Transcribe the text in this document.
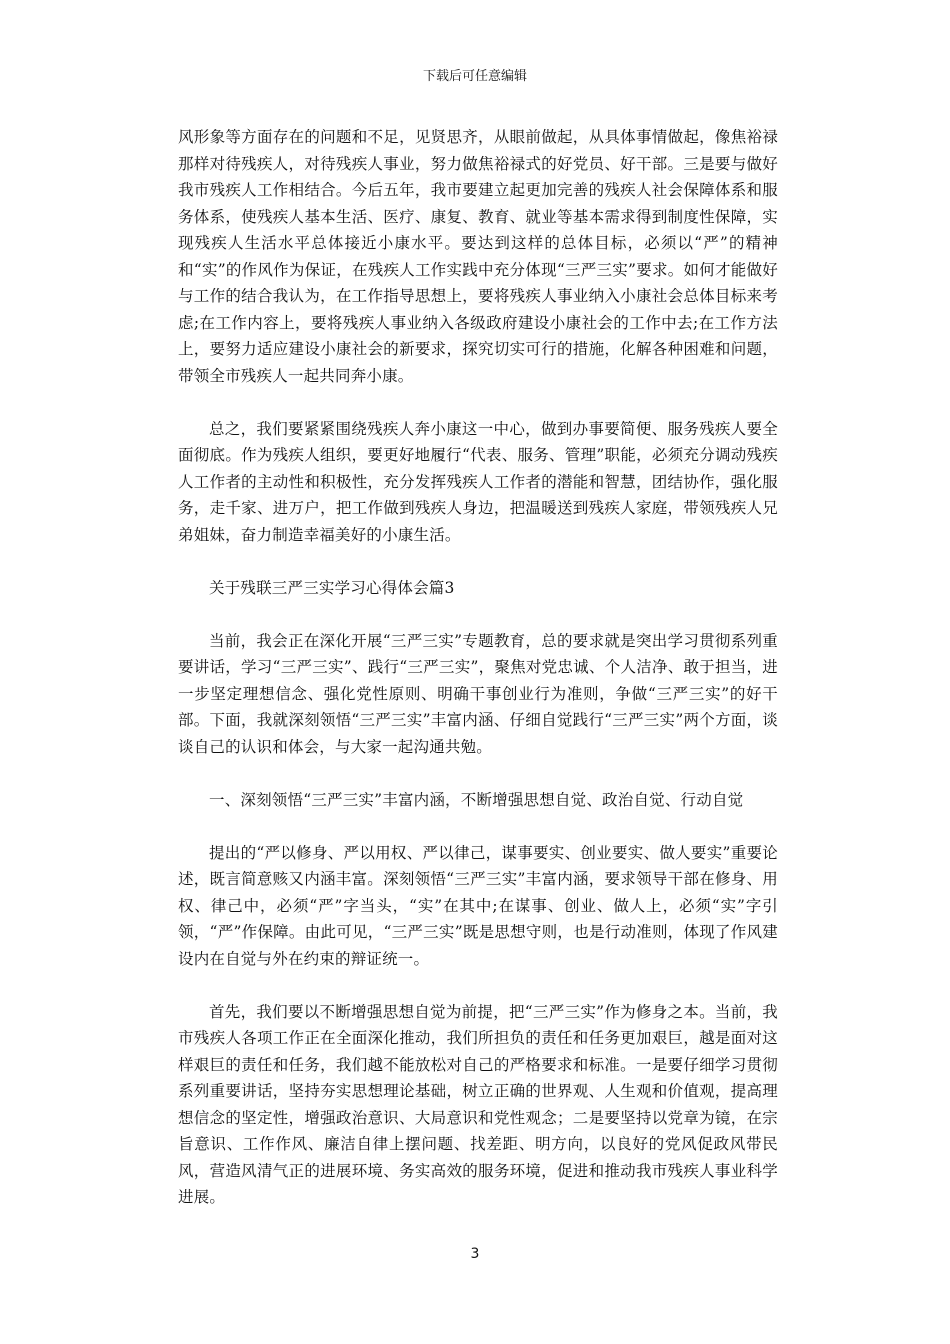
下载后可任意编辑

风形象等方面存在的问题和不足，见贤思齐，从眼前做起，从具体事情做起，像焦裕禄那样对待残疾人，对待残疾人事业，努力做焦裕禄式的好党员、好干部。三是要与做好我市残疾人工作相结合。今后五年，我市要建立起更加完善的残疾人社会保障体系和服务体系，使残疾人基本生活、医疗、康复、教育、就业等基本需求得到制度性保障，实现残疾人生活水平总体接近小康水平。要达到这样的总体目标，必须以“严”的精神和“实”的作风作为保证，在残疾人工作实践中充分体现“三严三实”要求。如何才能做好与工作的结合我认为，在工作指导思想上，要将残疾人事业纳入小康社会总体目标来考虑;在工作内容上，要将残疾人事业纳入各级政府建设小康社会的工作中去;在工作方法上，要努力适应建设小康社会的新要求，探究切实可行的措施，化解各种困难和问题，带领全市残疾人一起共同奔小康。

总之，我们要紧紧围绕残疾人奔小康这一中心，做到办事要简便、服务残疾人要全面彻底。作为残疾人组织，要更好地履行“代表、服务、管理”职能，必须充分调动残疾人工作者的主动性和积极性，充分发挥残疾人工作者的潜能和智慧，团结协作，强化服务，走千家、进万户，把工作做到残疾人身边，把温暖送到残疾人家庭，带领残疾人兄弟姐妹，奋力制造幸福美好的小康生活。

关于残联三严三实学习心得体会篇3

当前，我会正在深化开展“三严三实”专题教育，总的要求就是突出学习贯彻系列重要讲话，学习“三严三实”、践行“三严三实”，聚焦对党忠诚、个人洁净、敢于担当，进一步坚定理想信念、强化党性原则、明确干事创业行为准则，争做“三严三实”的好干部。下面，我就深刻领悟“三严三实”丰富内涵、仔细自觉践行“三严三实”两个方面，谈谈自己的认识和体会，与大家一起沟通共勉。

一、深刻领悟“三严三实”丰富内涵，不断增强思想自觉、政治自觉、行动自觉

提出的“严以修身、严以用权、严以律己，谋事要实、创业要实、做人要实”重要论述，既言简意赅又内涵丰富。深刻领悟“三严三实”丰富内涵，要求领导干部在修身、用权、律己中，必须“严”字当头，“实”在其中;在谋事、创业、做人上，必须“实”字引领，“严”作保障。由此可见，“三严三实”既是思想守则，也是行动准则，体现了作风建设内在自觉与外在约束的辩证统一。

首先，我们要以不断增强思想自觉为前提，把“三严三实”作为修身之本。当前，我市残疾人各项工作正在全面深化推动，我们所担负的责任和任务更加艰巨，越是面对这样艰巨的责任和任务，我们越不能放松对自己的严格要求和标准。一是要仔细学习贯彻系列重要讲话，坚持夯实思想理论基础，树立正确的世界观、人生观和价值观，提高理想信念的坚定性，增强政治意识、大局意识和党性观念；二是要坚持以党章为镜，在宗旨意识、工作作风、廉洁自律上摆问题、找差距、明方向，以良好的党风促政风带民风，营造风清气正的进展环境、务实高效的服务环境，促进和推动我市残疾人事业科学进展。

3
